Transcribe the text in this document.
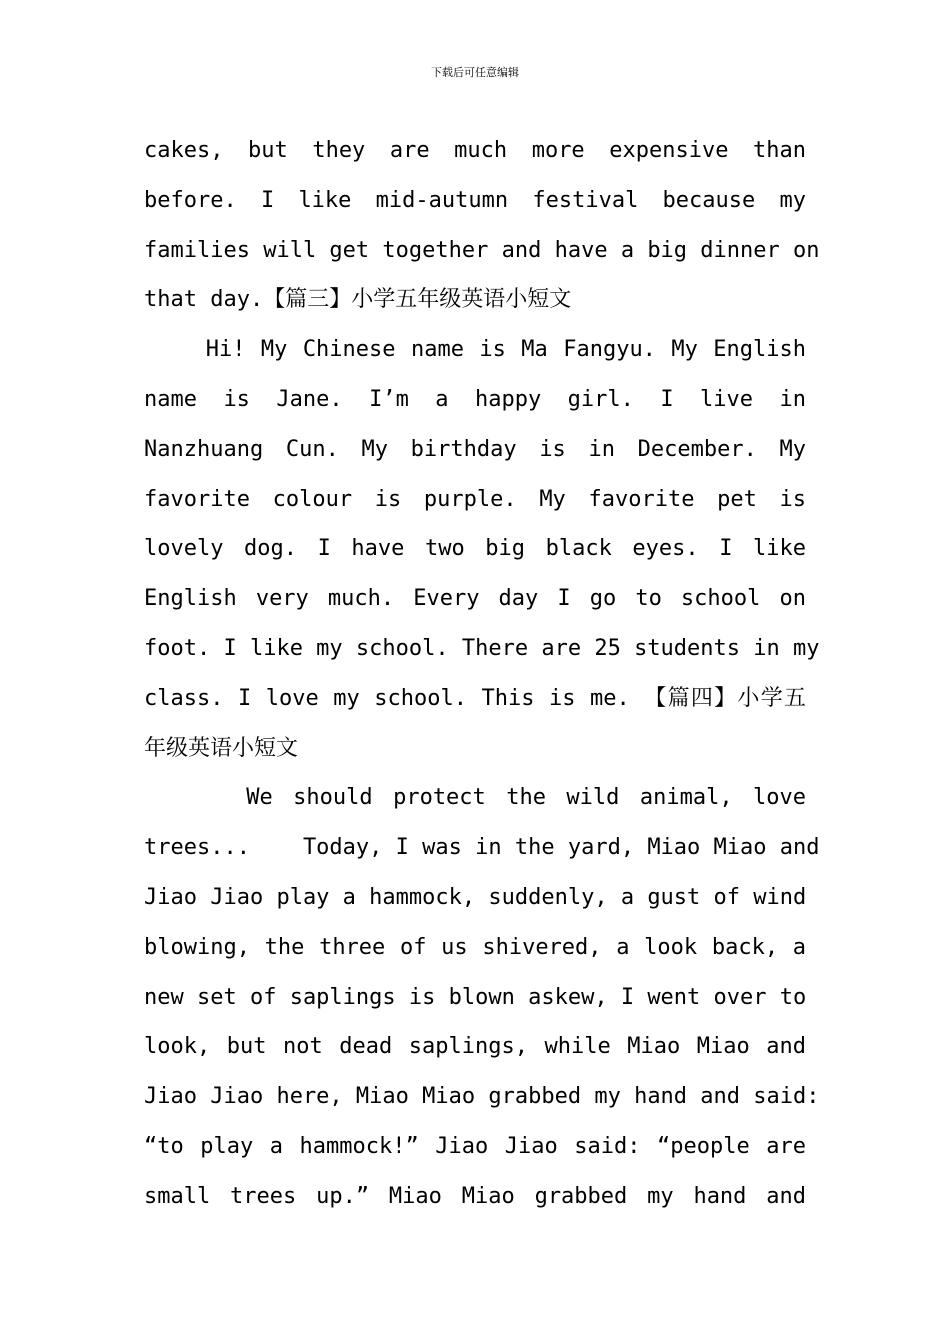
下载后可任意编辑
cakes, but they are much more expensive than
before. I like mid-autumn festival because my
families will get together and have a big dinner on
that day.【篇三】小学五年级英语小短文
Hi! My Chinese name is Ma Fangyu. My English
name is Jane. I’m a happy girl. I live in
Nanzhuang Cun. My birthday is in December. My
favorite colour is purple. My favorite pet is
lovely dog. I have two big black eyes. I like
English very much. Every day I go to school on
foot. I like my school. There are 25 students in my
class. I love my school. This is me. 【篇四】小学五
年级英语小短文
We should protect the wild animal, love
trees...    Today, I was in the yard, Miao Miao and
Jiao Jiao play a hammock, suddenly, a gust of wind
blowing, the three of us shivered, a look back, a
new set of saplings is blown askew, I went over to
look, but not dead saplings, while Miao Miao and
Jiao Jiao here, Miao Miao grabbed my hand and said:
“to play a hammock!” Jiao Jiao said: “people are
small trees up.” Miao Miao grabbed my hand and
